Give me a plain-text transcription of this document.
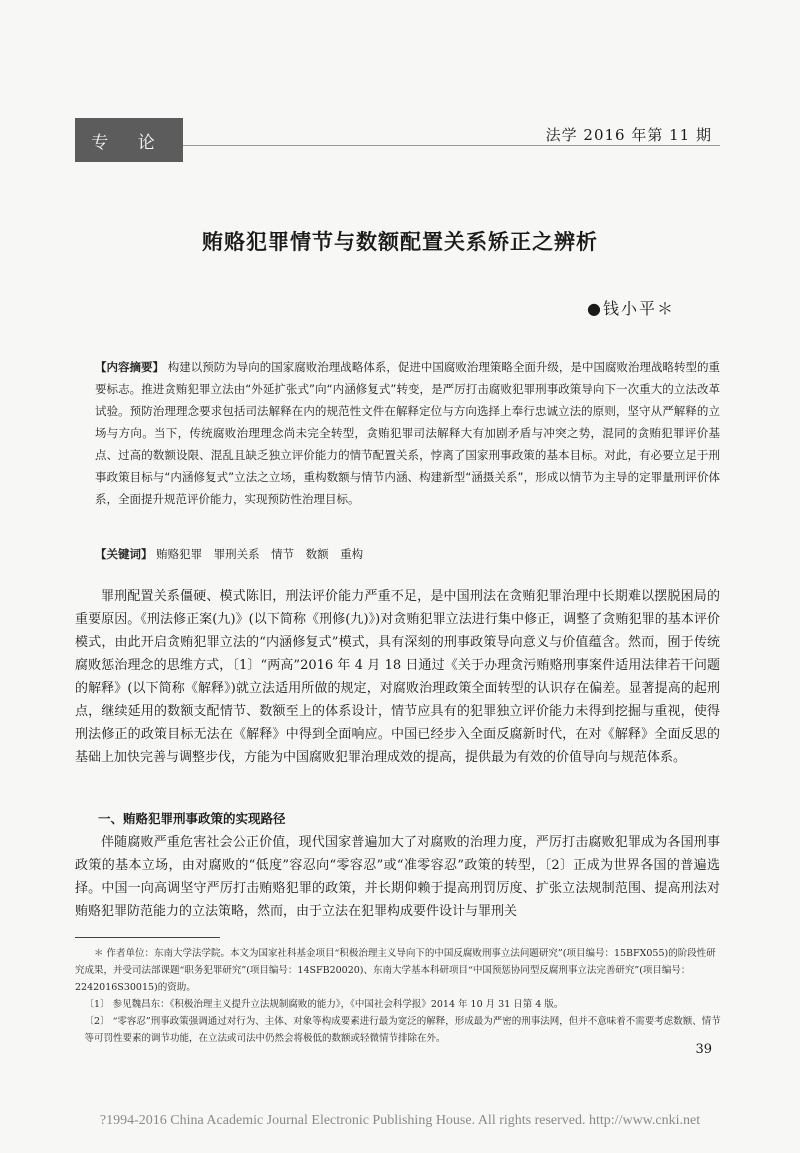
专 论	法学 2016 年第 11 期
贿赂犯罪情节与数额配置关系矫正之辨析
●钱小平＊
【内容摘要】 构建以预防为导向的国家腐败治理战略体系，促进中国腐败治理策略全面升级，是中国腐败治理战略转型的重要标志。推进贪贿犯罪立法由“外延扩张式”向“内涵修复式”转变，是严厉打击腐败犯罪刑事政策导向下一次重大的立法改革试验。预防治理理念要求包括司法解释在内的规范性文件在解释定位与方向选择上奉行忠诚立法的原则，坚守从严解释的立场与方向。当下，传统腐败治理理念尚未完全转型，贪贿犯罪司法解释大有加剧矛盾与冲突之势，混同的贪贿犯罪评价基点、过高的数额设限、混乱且缺乏独立评价能力的情节配置关系，悖离了国家刑事政策的基本目标。对此，有必要立足于刑事政策目标与“内涵修复式”立法之立场，重构数额与情节内涵、构建新型“涵摄关系”，形成以情节为主导的定罪量刑评价体系，全面提升规范评价能力，实现预防性治理目标。
【关键词】 贿赂犯罪　罪刑关系　情节　数额　重构

罪刑配置关系僵硬、模式陈旧，刑法评价能力严重不足，是中国刑法在贪贿犯罪治理中长期难以摆脱困局的重要原因。《刑法修正案(九)》(以下简称《刑修(九)》)对贪贿犯罪立法进行集中修正，调整了贪贿犯罪的基本评价模式，由此开启贪贿犯罪立法的“内涵修复式”模式，具有深刻的刑事政策导向意义与价值蕴含。然而，囿于传统腐败惩治理念的思维方式，〔1〕“两高”2016 年 4 月 18 日通过《关于办理贪污贿赂刑事案件适用法律若干问题的解释》(以下简称《解释》)就立法适用所做的规定，对腐败治理政策全面转型的认识存在偏差。显著提高的起刑点，继续延用的数额支配情节、数额至上的体系设计，情节应具有的犯罪独立评价能力未得到挖掘与重视，使得刑法修正的政策目标无法在《解释》中得到全面响应。中国已经步入全面反腐新时代，在对《解释》全面反思的基础上加快完善与调整步伐，方能为中国腐败犯罪治理成效的提高，提供最为有效的价值导向与规范体系。

一、贿赂犯罪刑事政策的实现路径

伴随腐败严重危害社会公正价值，现代国家普遍加大了对腐败的治理力度，严厉打击腐败犯罪成为各国刑事政策的基本立场，由对腐败的“低度”容忍向“零容忍”或“准零容忍”政策的转型，〔2〕正成为世界各国的普遍选择。中国一向高调坚守严厉打击贿赂犯罪的政策，并长期仰赖于提高刑罚厉度、扩张立法规制范围、提高刑法对贿赂犯罪防范能力的立法策略，然而，由于立法在犯罪构成要件设计与罪刑关

＊ 作者单位：东南大学法学院。本文为国家社科基金项目“积极治理主义导向下的中国反腐败刑事立法问题研究”(项目编号：15BFX055)的阶段性研究成果，并受司法部课题“职务犯罪研究”(项目编号：14SFB20020)、东南大学基本科研项目“中国预惩协同型反腐刑事立法完善研究”(项目编号：2242016S30015)的资助。

〔1〕 参见魏昌东：《积极治理主义提升立法规制腐败的能力》，《中国社会科学报》2014 年 10 月 31 日第 4 版。

〔2〕 “零容忍”刑事政策强调通过对行为、主体、对象等构成要素进行最为宽泛的解释，形成最为严密的刑事法网，但并不意味着不需要考虑数额、情节等可罚性要素的调节功能，在立法或司法中仍然会将极低的数额或轻微情节排除在外。

39
?1994-2016 China Academic Journal Electronic Publishing House. All rights reserved. http://www.cnki.net
